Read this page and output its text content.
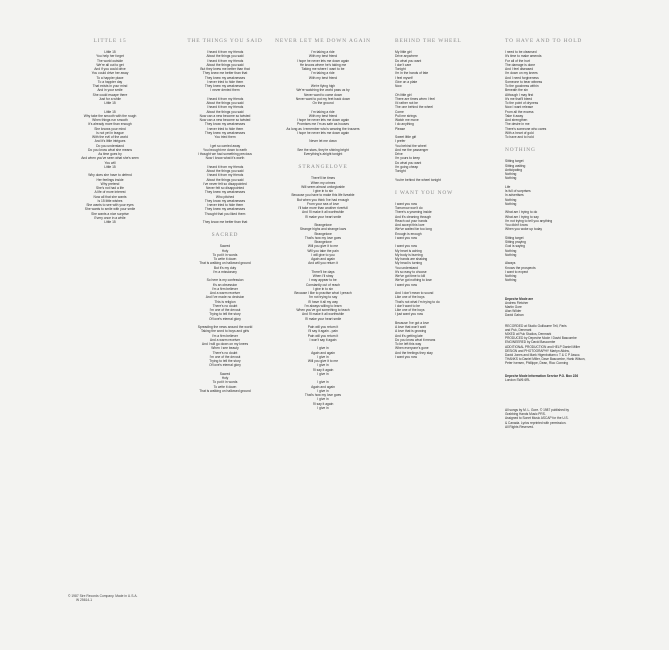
LITTLE 15
Little 15
You help her forget
The world outside
We're all out to get
And if you could drive
You could drive her away
To a happier place
To a happier day
That exists in your mind
And in your smile
She could escape there
Just for a while
Little 15
Little 15
Why take the smooth with the rough
When things run smooth
It's already more than enough
She knows your mind
Is not yet in league
With the evil of the world
And it's little intrigues
Do you understand
Do you know what she means
As time goes by
And when you've seen what she's seen
You will
Little 15
Why does she have to defend
Her feelings inside
Why pretend
She's not had a life
A life of more interest
Now all that she wants
Is 15 little wishes
She wants to see with your eyes
She wants to smile with your smile
She wants a nice surprise
Every once in a while
Little 15
THE THINGS YOU SAID
I heard it from my friends
About the things you said
I heard it from my friends
About the things you said
But they knew me better than that
They knew me better than that
They knew my weaknesses
I never tried to hide them
They knew my weaknesses
I never denied them
I heard it from my friends
About the things you said
I heard it from my friends
About the things you said
Now can a new become so twisted
Now can a new become so twisted
They know my weaknesses
I never tried to hide them
They knew my weaknesses
You tried them
I get so carried away
You brought me down to earth
I thought we had something precious
Now I know what it's worth
I heard it from my friends
About the things you said
I heard it from my friends
About the things you said
I've never felt so disappointed
Never felt so disappointed
They knew my weaknesses
Who pitched
They know my weaknesses
I never tried to hide them
They knew my weaknesses
Thought that you liked them
They know me better than that
SACRED
Sacred
Holy
To put it in words
To write it down
That is walking on hallowed ground
But it's my duty
I'm a missionary
So here is my confession
It's an obsession
I'm a firm believer
And a warm receiver
And I've made no decision
This is religion
There's no doubt
I'm one of the devout
Trying to tell the story
Of love's eternal glory
Spreading the news around the world
Taking the word to boys and girls
I'm a firm believer
And a warm receiver
And I will go down on my knees
When I see beauty
There's no doubt
I'm one of the devout
Trying to tell the story
Of love's eternal glory
Sacred
Holy
To put it in words
To write it down
That is walking on hallowed ground
NEVER LET ME DOWN AGAIN
I'm taking a ride
With my best friend
I hope he never lets me down again
He knows where he's taking me
Taking me where I want to be
I'm taking a ride
With my best friend
We're flying high
We're watching the world pass us by
Never want to come down
Never want to put my feet back down
On the ground
I'm taking a ride
With my best friend
I hope he never lets me down again
Promises me I'm as safe as houses
As long as I remember who's wearing the trousers
I hope he never lets me down again
Never let me down
See the stars, they're shining bright
Everything's alright tonight
STRANGELOVE
There'll be times
When my crimes
Will seem almost unforgivable
I give in to sin
Because you have to make this life liveable
But when you think I've had enough
From your sea of love
I'll take more than another riverfull
And I'll make it all worthwhile
I'll make your heart smile
Strangelove
Strange highs and strange lows
Strangelove
That's how my love goes
Strangelove
Will you give it to me
Will you take the pain
I will give to you
Again and again
And will you return it
There'll be days
When I'll stray
I may appear to be
Constantly out of reach
I give in to sin
Because I like to practise what I preach
I'm not trying to say
I'll have it all my way
I'm always willing to learn
When you've got something to teach
And I'll make it all worthwhile
I'll make your heart smile
Pain will you return it
I'll say it again - pain
Pain will you return it
I won't say it again
I give in
Again and again
I give in
Will you give it to me
I give in
I'll say it again
I give in
I give in
Again and again
I give in
That's how my love goes
I give in
I'll say it again
I give in
BEHIND THE WHEEL
My little girl
Drive anywhere
Do what you want
I don't care
Tonight
I'm in the hands of fate
I feel myself
Give on a plate
Now
Oh little girl
There are times when I feel
I'd rather not be
The one behind the wheel
Come
Pull me strings
Watch me move
I do anything
Please
Sweet little girl
I prefer
You behind the wheel
And me the passenger
Drive
I'm yours to keep
Do what you want
I'm going cheap
Tonight
You're behind the wheel tonight
I WANT YOU NOW
I want you now
Tomorrow won't do
There's a yearning inside
And it's cleaning through
Reach out your hands
And accept this love
We've waited far too long
Enough is enough
I want you now
I want you now
My heart is aching
My body is burning
My hands are shaking
My head is turning
You understand
It's so easy to choose
We've got time to kill
We've got nothing to lose
I want you now
And I don't mean to sound
Like one of the boys
That's not what I'm trying to do
I don't want to be
Like one of the boys
I just want you now
Because I've got a love
A love that won't wait
A love that is growing
And it's getting late
Do you know what it means
To be left this way
When everyone's gone
And the feelings they stay
I want you now
TO HAVE AND TO HOLD
I need to be cleansed
It's time to make amends
For all of the hurt
The damage is done
And I feel diseased
I'm down on my knees
And I need forgiveness
Someone to bear witness
To the goodness within
Beneath the sin
Although I may first
It's me that'll bleed
To the point of dryness
Now I want release
From all the excess
Take it away
And strengthen
The desire in me
There's someone who cares
With a heart of gold
To have and to hold
NOTHING
Sitting target
Sitting waiting
Anticipating
Nothing
Nothing
Life
Is full of surprises
In advertises
Nothing
Nothing
What am I trying to do
What am I trying to say
I'm not trying to tell you anything
You didn't know
When you woke up today
Sitting target
Sitting praying
God is saying
Nothing
Nothing
Always
Knows the prospects
I want to expect
Nothing
Nothing
Depeche Mode are
Andrew Fletcher
Martin Gore
Alan Wilder
David Gahan
RECORDED at Studio Guillaume Tell, Paris
and Puk, Denmark
MIXED at Puk Studios, Denmark
PRODUCED by Depeche Mode / David Bascombe
ENGINEERED by David Bascombe
ADDITIONAL PRODUCTION and HELP Daniel Miller
DESIGN and PHOTOGRAPHY Martyn Atkins,
David Jones and Mark Higenbottam c T & C P Assoc.
THANKS to Daniel Miller, Dave Bascombe, Hank Wilson,
Peter Iversen, Phillippe, Dean, Rico Conning
Depeche Mode Information Service P.O. Box 226
London SW6 6RL
All songs by M. L. Gore. © 1987 published by
Grabbing Hands Music PRS.
Assigned to Sonet Music ASCAP for the U.S.
& Canada. Lyrics reprinted with permission.
All Rights Reserved.
© 1987 Sire Records Company. Made in U.S.A.
W 25614-1
